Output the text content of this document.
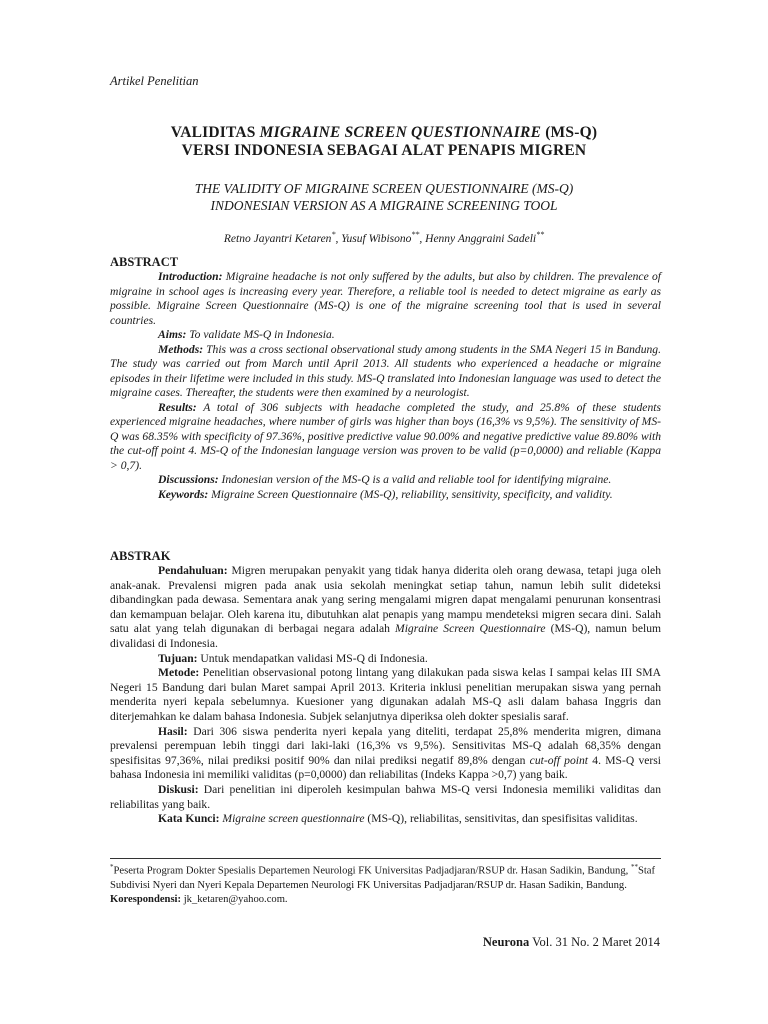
Artikel Penelitian
VALIDITAS MIGRAINE SCREEN QUESTIONNAIRE (MS-Q)
VERSI INDONESIA SEBAGAI ALAT PENAPIS MIGREN
THE VALIDITY OF MIGRAINE SCREEN QUESTIONNAIRE (MS-Q)
INDONESIAN VERSION AS A MIGRAINE SCREENING TOOL
Retno Jayantri Ketaren*, Yusuf Wibisono**, Henny Anggraini Sadeli**
ABSTRACT

Introduction: Migraine headache is not only suffered by the adults, but also by children. The prevalence of migraine in school ages is increasing every year. Therefore, a reliable tool is needed to detect migraine as early as possible. Migraine Screen Questionnaire (MS-Q) is one of the migraine screening tool that is used in several countries.

Aims: To validate MS-Q in Indonesia.

Methods: This was a cross sectional observational study among students in the SMA Negeri 15 in Bandung. The study was carried out from March until April 2013. All students who experienced a headache or migraine episodes in their lifetime were included in this study. MS-Q translated into Indonesian language was used to detect the migraine cases. Thereafter, the students were then examined by a neurologist.

Results: A total of 306 subjects with headache completed the study, and 25.8% of these students experienced migraine headaches, where number of girls was higher than boys (16,3% vs 9,5%). The sensitivity of MS-Q was 68.35% with specificity of 97.36%, positive predictive value 90.00% and negative predictive value 89.80% with the cut-off point 4. MS-Q of the Indonesian language version was proven to be valid (p=0,0000) and reliable (Kappa > 0,7).

Discussions: Indonesian version of the MS-Q is a valid and reliable tool for identifying migraine.

Keywords: Migraine Screen Questionnaire (MS-Q), reliability, sensitivity, specificity, and validity.

ABSTRAK

Pendahuluan: Migren merupakan penyakit yang tidak hanya diderita oleh orang dewasa, tetapi juga oleh anak-anak. Prevalensi migren pada anak usia sekolah meningkat setiap tahun, namun lebih sulit dideteksi dibandingkan pada dewasa. Sementara anak yang sering mengalami migren dapat mengalami penurunan konsentrasi dan kemampuan belajar. Oleh karena itu, dibutuhkan alat penapis yang mampu mendeteksi migren secara dini. Salah satu alat yang telah digunakan di berbagai negara adalah Migraine Screen Questionnaire (MS-Q), namun belum divalidasi di Indonesia.

Tujuan: Untuk mendapatkan validasi MS-Q di Indonesia.

Metode: Penelitian observasional potong lintang yang dilakukan pada siswa kelas I sampai kelas III SMA Negeri 15 Bandung dari bulan Maret sampai April 2013. Kriteria inklusi penelitian merupakan siswa yang pernah menderita nyeri kepala sebelumnya. Kuesioner yang digunakan adalah MS-Q asli dalam bahasa Inggris dan diterjemahkan ke dalam bahasa Indonesia. Subjek selanjutnya diperiksa oleh dokter spesialis saraf.

Hasil: Dari 306 siswa penderita nyeri kepala yang diteliti, terdapat 25,8% menderita migren, dimana prevalensi perempuan lebih tinggi dari laki-laki (16,3% vs 9,5%). Sensitivitas MS-Q adalah 68,35% dengan spesifisitas 97,36%, nilai prediksi positif 90% dan nilai prediksi negatif 89,8% dengan cut-off point 4. MS-Q versi bahasa Indonesia ini memiliki validitas (p=0,0000) dan reliabilitas (Indeks Kappa >0,7) yang baik.

Diskusi: Dari penelitian ini diperoleh kesimpulan bahwa MS-Q versi Indonesia memiliki validitas dan reliabilitas yang baik.

Kata Kunci: Migraine screen questionnaire (MS-Q), reliabilitas, sensitivitas, dan spesifisitas validitas.

*Peserta Program Dokter Spesialis Departemen Neurologi FK Universitas Padjadjaran/RSUP dr. Hasan Sadikin, Bandung, **Staf Subdivisi Nyeri dan Nyeri Kepala Departemen Neurologi FK Universitas Padjadjaran/RSUP dr. Hasan Sadikin, Bandung. Korespondensi: jk_ketaren@yahoo.com.
Neurona Vol. 31 No. 2 Maret 2014
